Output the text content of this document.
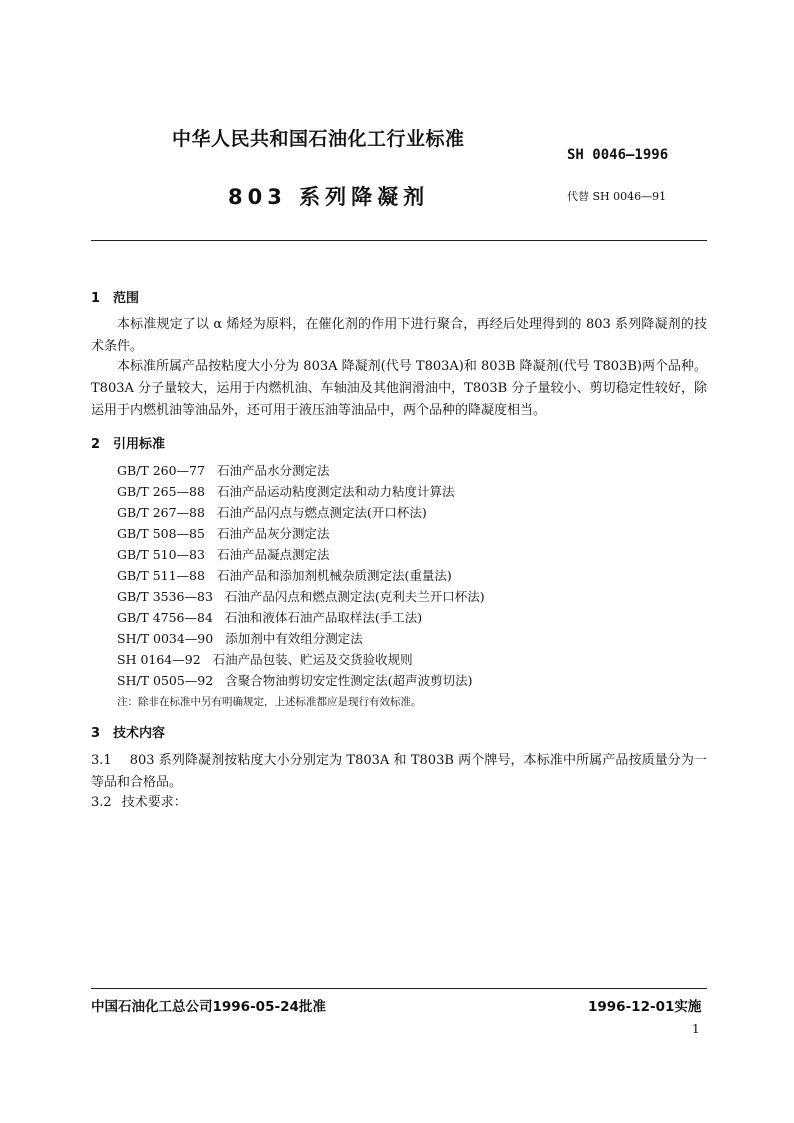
中华人民共和国石油化工行业标准
SH 0046—1996
803 系列降凝剂	代替 SH 0046—91
1 范围
本标准规定了以 α 烯烃为原料，在催化剂的作用下进行聚合，再经后处理得到的 803 系列降凝剂的技术条件。
本标准所属产品按粘度大小分为 803A 降凝剂(代号 T803A)和 803B 降凝剂(代号 T803B)两个品种。T803A 分子量较大，运用于内燃机油、车轴油及其他润滑油中，T803B 分子量较小、剪切稳定性较好，除运用于内燃机油等油品外，还可用于液压油等油品中，两个品种的降凝度相当。
2 引用标准
GB/T 260—77 石油产品水分测定法
GB/T 265—88 石油产品运动粘度测定法和动力粘度计算法
GB/T 267—88 石油产品闪点与燃点测定法(开口杯法)
GB/T 508—85 石油产品灰分测定法
GB/T 510—83 石油产品凝点测定法
GB/T 511—88 石油产品和添加剂机械杂质测定法(重量法)
GB/T 3536—83 石油产品闪点和燃点测定法(克利夫兰开口杯法)
GB/T 4756—84 石油和液体石油产品取样法(手工法)
SH/T 0034—90 添加剂中有效组分测定法
SH 0164—92 石油产品包装、贮运及交货验收规则
SH/T 0505—92 含聚合物油剪切安定性测定法(超声波剪切法)
注：除非在标准中另有明确规定，上述标准都应是现行有效标准。
3 技术内容
3.1 803 系列降凝剂按粘度大小分别定为 T803A 和 T803B 两个牌号，本标准中所属产品按质量分为一等品和合格品。
3.2 技术要求：
中国石油化工总公司1996-05-24批准	1996-12-01实施
1
